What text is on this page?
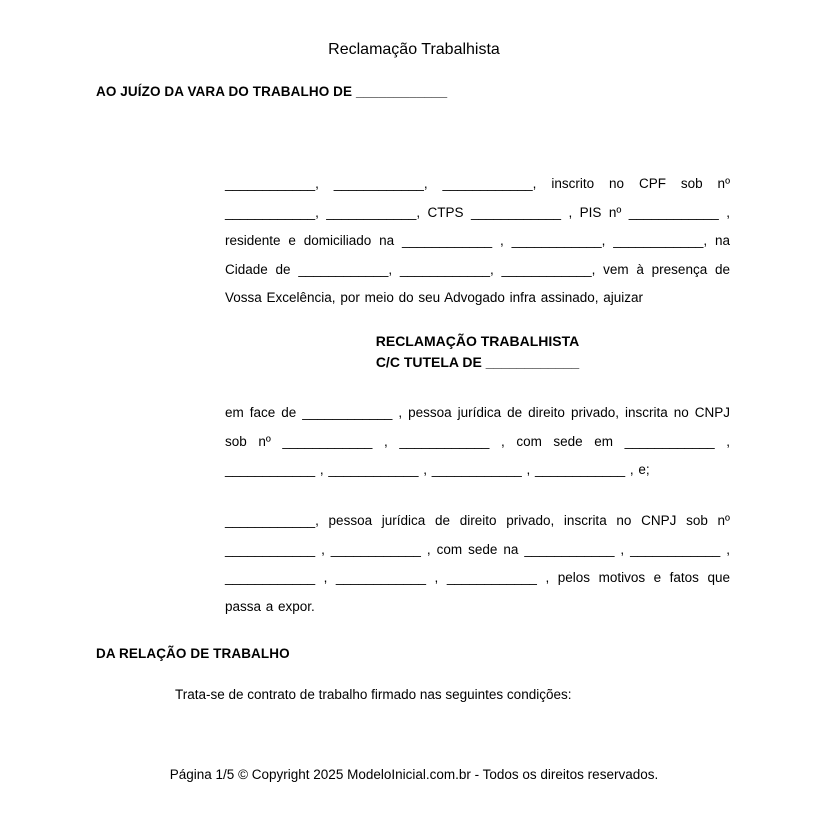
Reclamação Trabalhista
AO JUÍZO DA VARA DO TRABALHO DE ____________
____________, ____________, ____________, inscrito no CPF sob nº ____________, ____________, CTPS ____________ , PIS nº ____________ , residente e domiciliado na ____________ , ____________, ____________, na Cidade de ____________, ____________, ____________, vem à presença de Vossa Excelência, por meio do seu Advogado infra assinado, ajuizar
RECLAMAÇÃO TRABALHISTA
C/C TUTELA DE ____________
em face de ____________ , pessoa jurídica de direito privado, inscrita no CNPJ sob nº ____________ , ____________ , com sede em ____________ , ____________ , ____________ , ____________ , ____________ , e;
____________, pessoa jurídica de direito privado, inscrita no CNPJ sob nº ____________ , ____________ , com sede na ____________ , ____________ , ____________ , ____________ , ____________ , pelos motivos e fatos que passa a expor.
DA RELAÇÃO DE TRABALHO
Trata-se de contrato de trabalho firmado nas seguintes condições:
Página 1/5 © Copyright 2025 ModeloInicial.com.br - Todos os direitos reservados.
